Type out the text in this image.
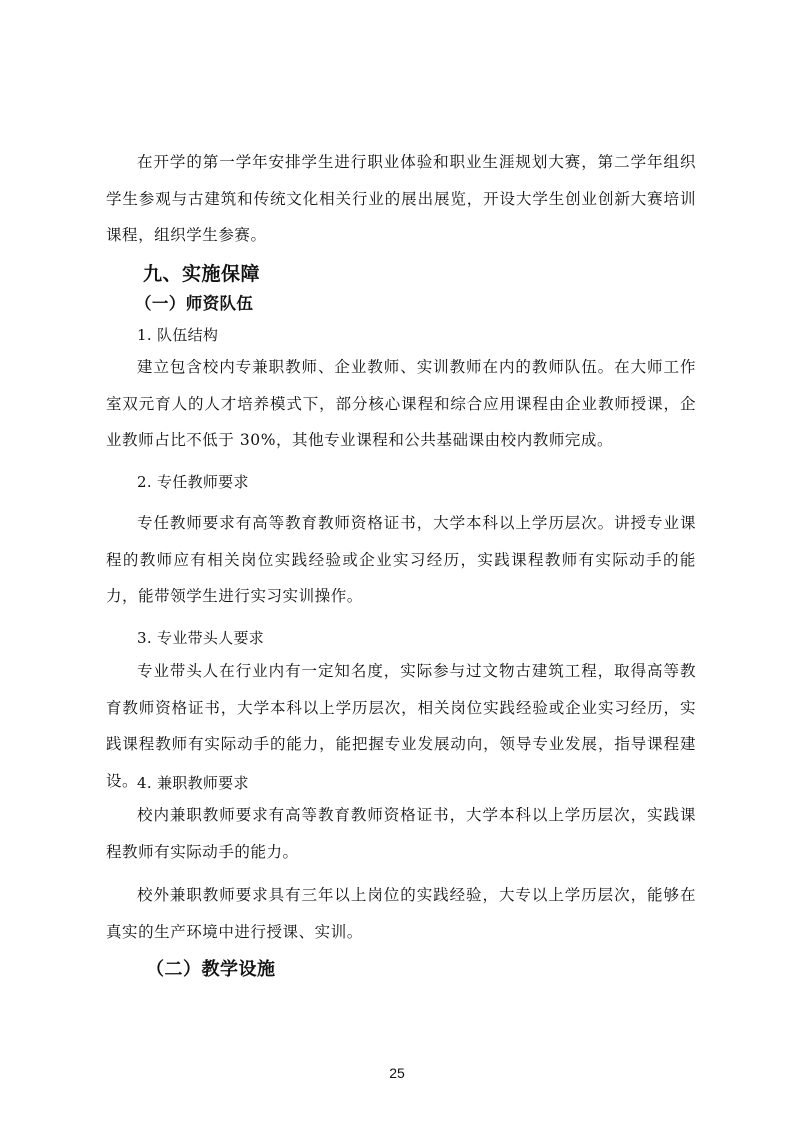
在开学的第一学年安排学生进行职业体验和职业生涯规划大赛，第二学年组织学生参观与古建筑和传统文化相关行业的展出展览，开设大学生创业创新大赛培训课程，组织学生参赛。

九、实施保障

（一）师资队伍

1. 队伍结构

建立包含校内专兼职教师、企业教师、实训教师在内的教师队伍。在大师工作室双元育人的人才培养模式下，部分核心课程和综合应用课程由企业教师授课，企业教师占比不低于 30%，其他专业课程和公共基础课由校内教师完成。

2. 专任教师要求

专任教师要求有高等教育教师资格证书，大学本科以上学历层次。讲授专业课程的教师应有相关岗位实践经验或企业实习经历，实践课程教师有实际动手的能力，能带领学生进行实习实训操作。

3. 专业带头人要求

专业带头人在行业内有一定知名度，实际参与过文物古建筑工程，取得高等教育教师资格证书，大学本科以上学历层次，相关岗位实践经验或企业实习经历，实践课程教师有实际动手的能力，能把握专业发展动向，领导专业发展，指导课程建设。

4. 兼职教师要求

校内兼职教师要求有高等教育教师资格证书，大学本科以上学历层次，实践课程教师有实际动手的能力。

校外兼职教师要求具有三年以上岗位的实践经验，大专以上学历层次，能够在真实的生产环境中进行授课、实训。

（二）教学设施

25
